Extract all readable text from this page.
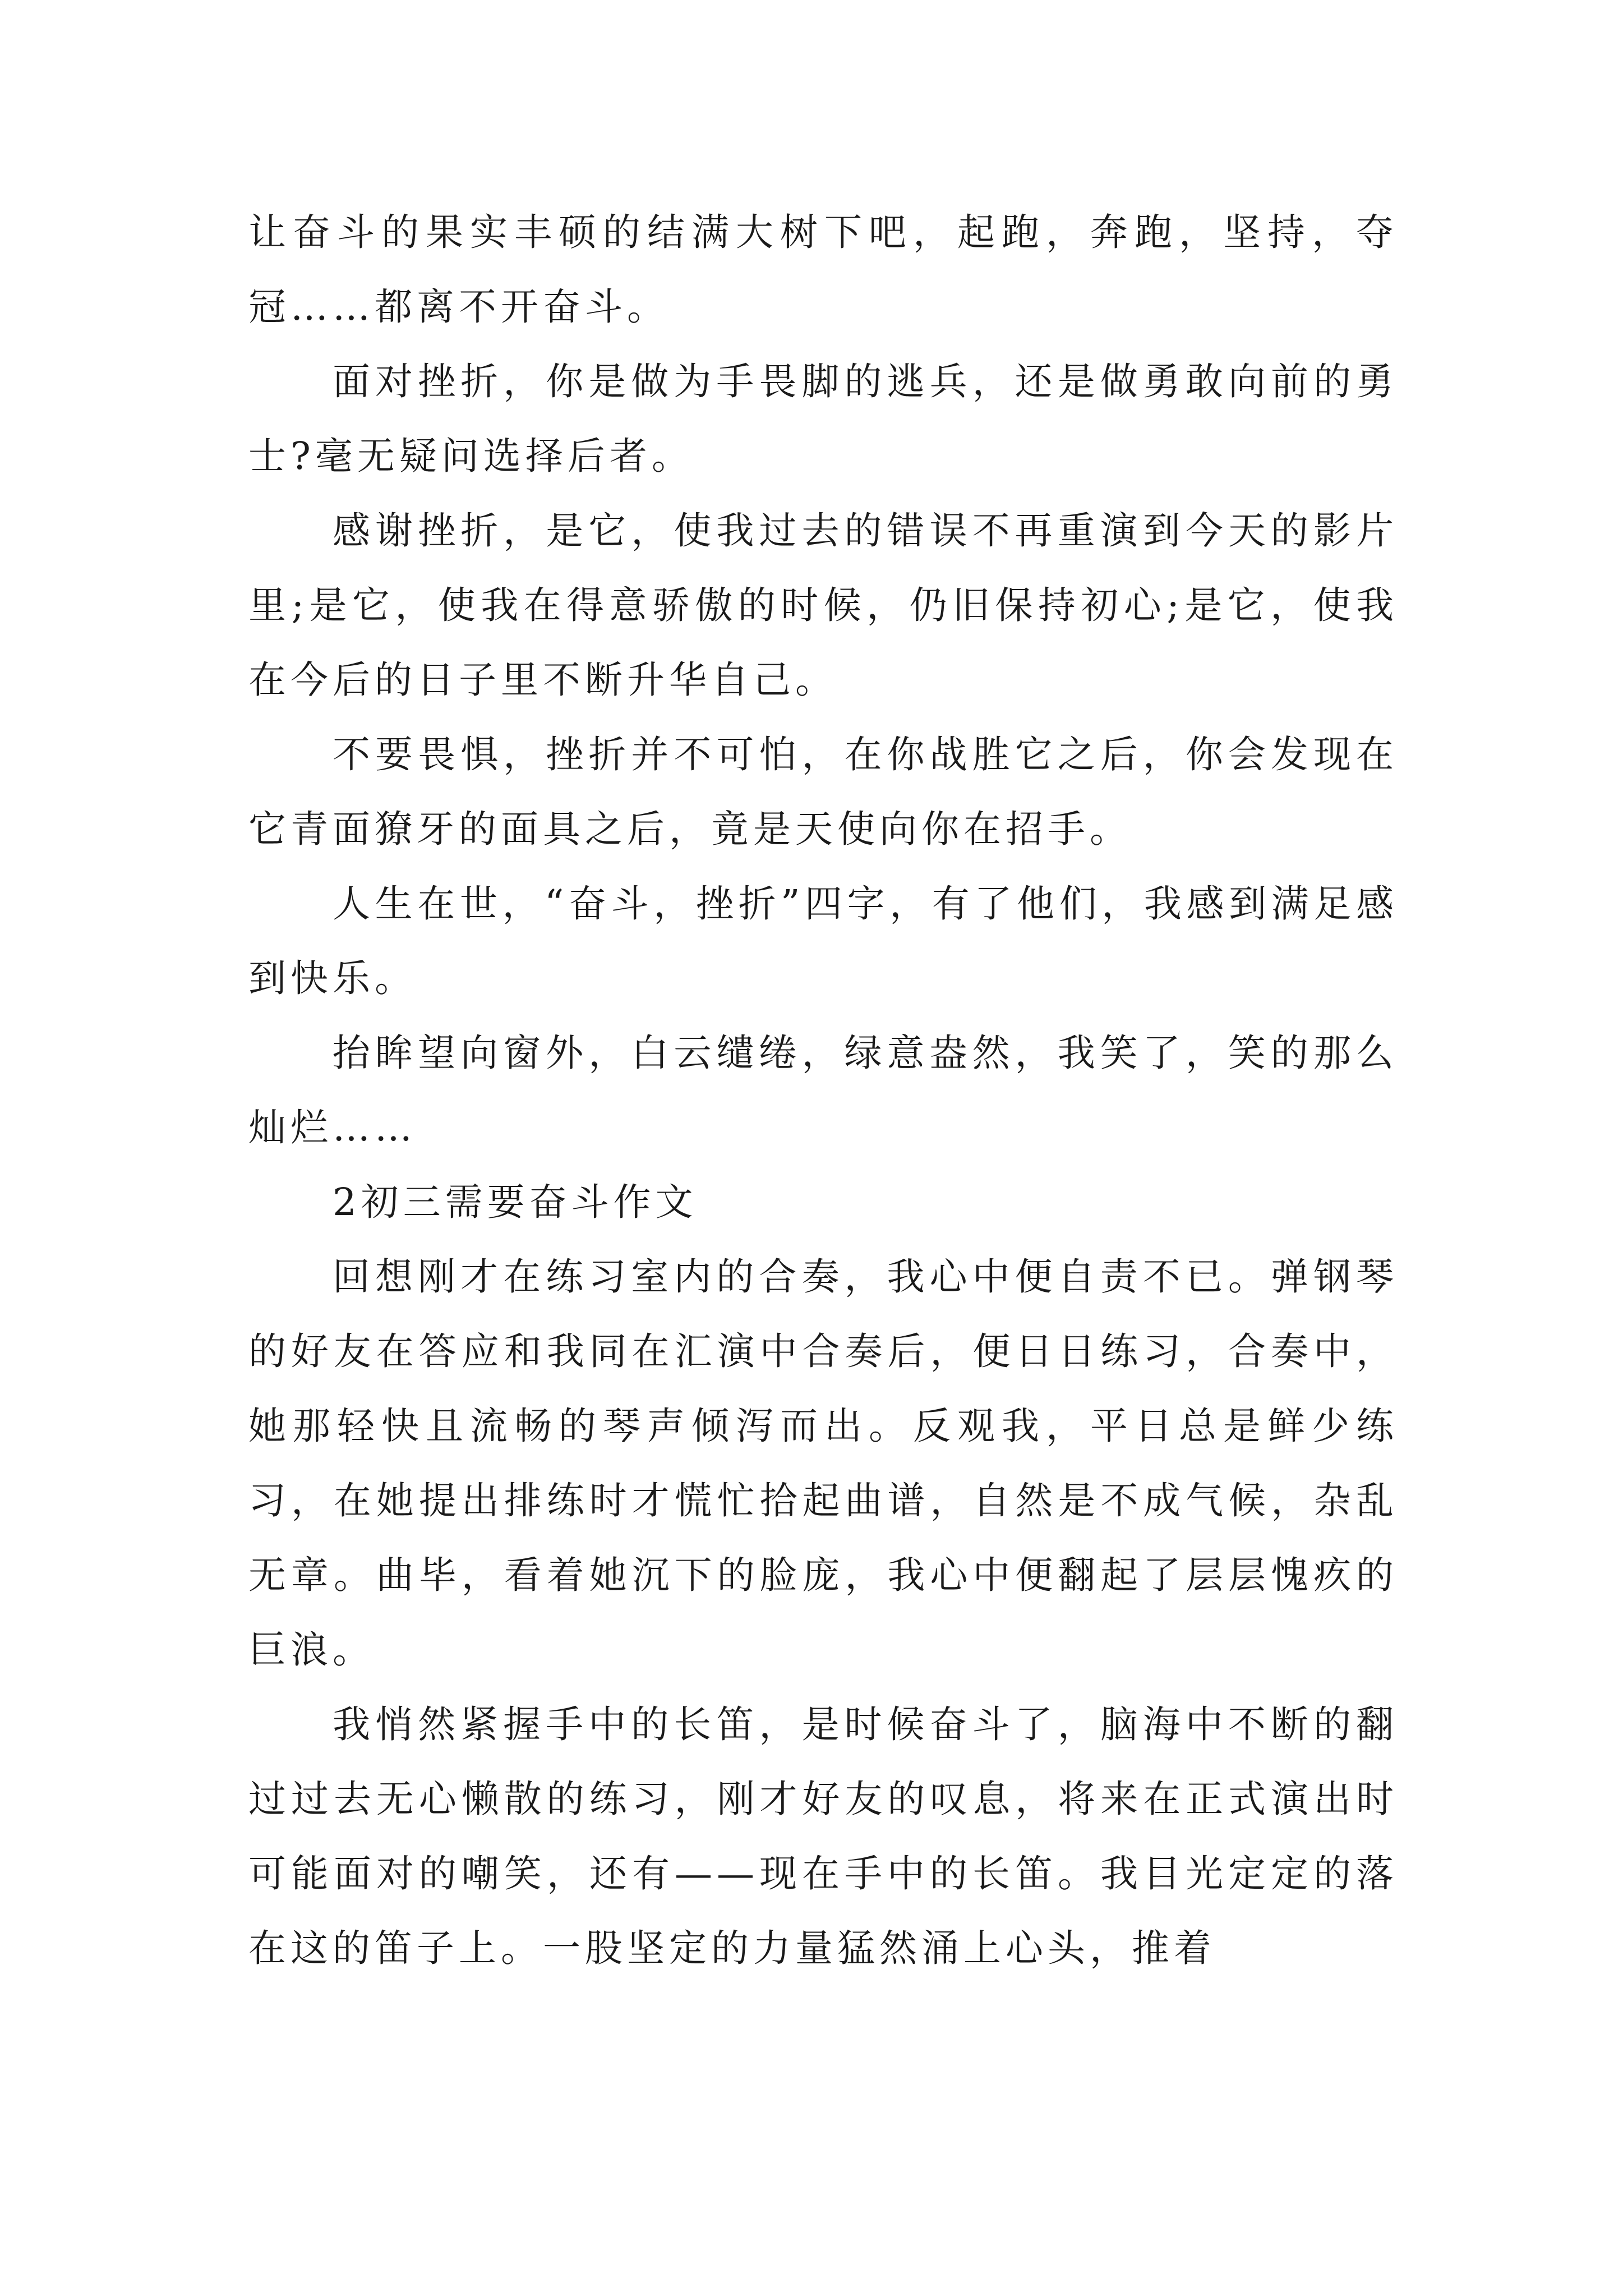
让奋斗的果实丰硕的结满大树下吧，起跑，奔跑，坚持，夺冠……都离不开奋斗。

面对挫折，你是做为手畏脚的逃兵，还是做勇敢向前的勇士?毫无疑问选择后者。

感谢挫折，是它，使我过去的错误不再重演到今天的影片里;是它，使我在得意骄傲的时候，仍旧保持初心;是它，使我在今后的日子里不断升华自己。

不要畏惧，挫折并不可怕，在你战胜它之后，你会发现在它青面獠牙的面具之后，竟是天使向你在招手。

人生在世，“奋斗，挫折”四字，有了他们，我感到满足感到快乐。

抬眸望向窗外，白云缱绻，绿意盎然，我笑了，笑的那么灿烂……

2初三需要奋斗作文

回想刚才在练习室内的合奏，我心中便自责不已。弹钢琴的好友在答应和我同在汇演中合奏后，便日日练习，合奏中，她那轻快且流畅的琴声倾泻而出。反观我，平日总是鲜少练习，在她提出排练时才慌忙拾起曲谱，自然是不成气候，杂乱无章。曲毕，看着她沉下的脸庞，我心中便翻起了层层愧疚的巨浪。

我悄然紧握手中的长笛，是时候奋斗了，脑海中不断的翻过过去无心懒散的练习，刚才好友的叹息，将来在正式演出时可能面对的嘲笑，还有——现在手中的长笛。我目光定定的落在这的笛子上。一股坚定的力量猛然涌上心头，推着
